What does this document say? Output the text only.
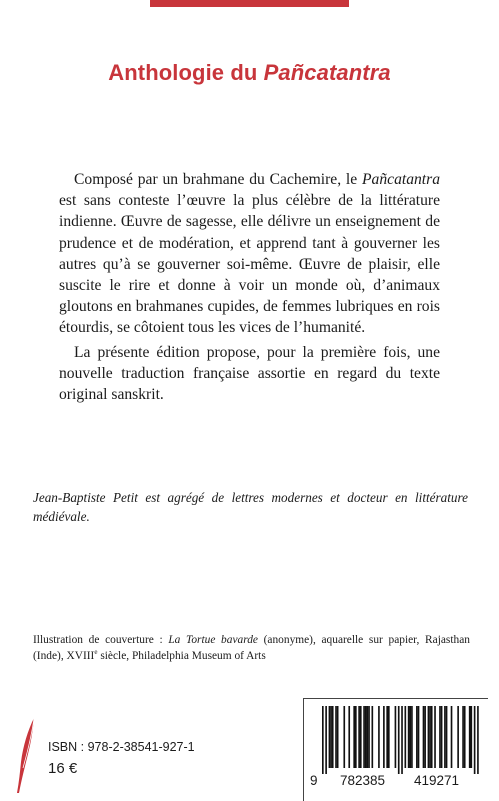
Anthologie du Pañcatantra

Composé par un brahmane du Cachemire, le Pañcatantra est sans conteste l’œuvre la plus célèbre de la littérature indienne. Œuvre de sagesse, elle délivre un enseignement de prudence et de modération, et apprend tant à gouverner les autres qu’à se gouverner soi-même. Œuvre de plaisir, elle suscite le rire et donne à voir un monde où, d’animaux gloutons en brahmanes cupides, de femmes lubriques en rois étourdis, se côtoient tous les vices de l’humanité.

La présente édition propose, pour la première fois, une nouvelle traduction française assortie en regard du texte original sanskrit.

Jean-Baptiste Petit est agrégé de lettres modernes et docteur en littérature médiévale.
Illustration de couverture : La Tortue bavarde (anonyme), aquarelle sur papier, Rajasthan (Inde), XVIIIe siècle, Philadelphia Museum of Arts
ISBN : 978-2-38541-927-1
16 €
9 782385 419271
